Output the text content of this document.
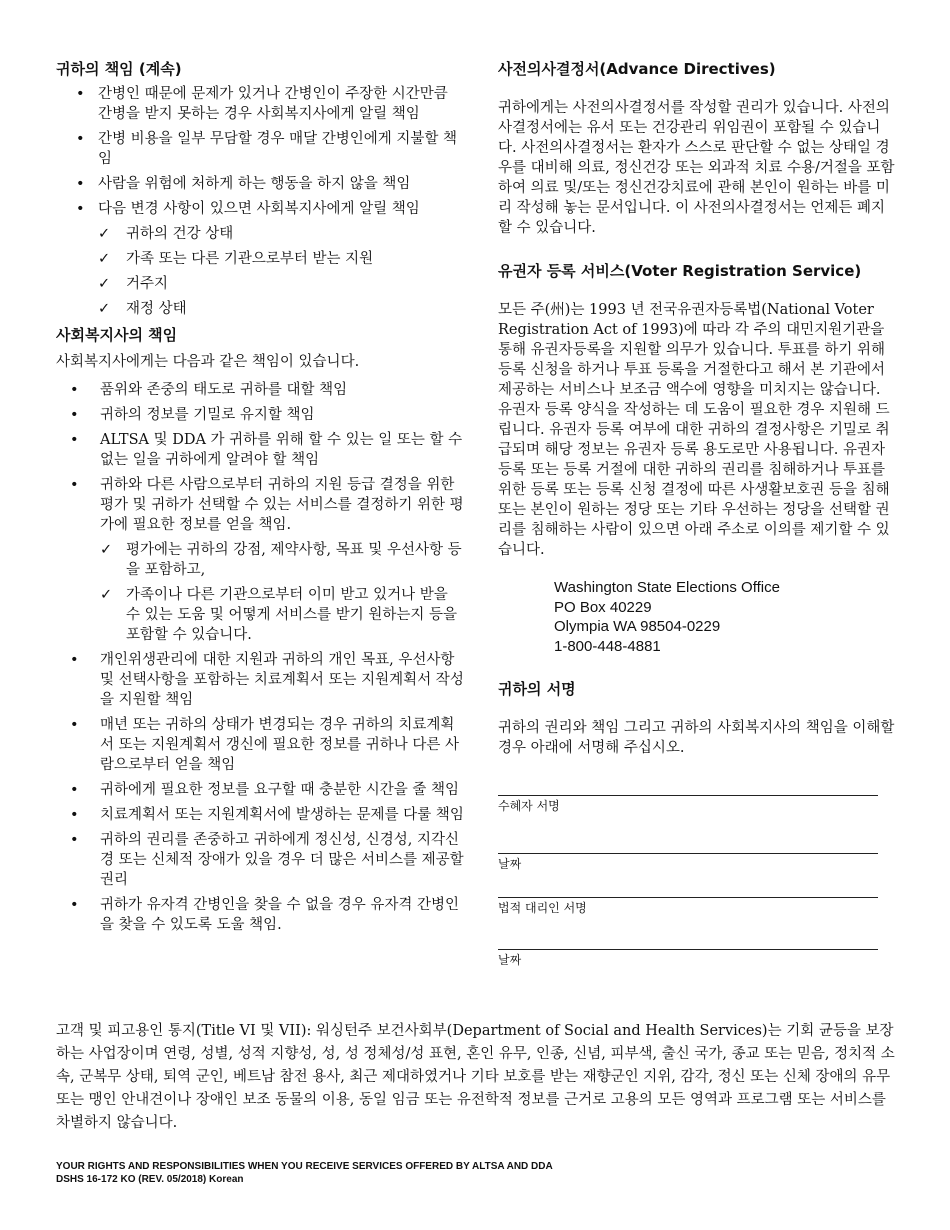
귀하의 책임 (계속)
• 간병인 때문에 문제가 있거나 간병인이 주장한 시간만큼 간병을 받지 못하는 경우 사회복지사에게 알릴 책임
• 간병 비용을 일부 무담할 경우 매달 간병인에게 지불할 책임
• 사람을 위험에 처하게 하는 행동을 하지 않을 책임
• 다음 변경 사항이 있으면 사회복지사에게 알릴 책임
✓ 귀하의 건강 상태
✓ 가족 또는 다른 기관으로부터 받는 지원
✓ 거주지
✓ 재정 상태
사회복지사의 책임

사회복지사에게는 다음과 같은 책임이 있습니다.

• 품위와 존중의 태도로 귀하를 대할 책임
• 귀하의 정보를 기밀로 유지할 책임
• ALTSA 및 DDA 가 귀하를 위해 할 수 있는 일 또는 할 수 없는 일을 귀하에게 알려야 할 책임
• 귀하와 다른 사람으로부터 귀하의 지원 등급 결정을 위한 평가 및 귀하가 선택할 수 있는 서비스를 결정하기 위한 평가에 필요한 정보를 얻을 책임.
✓ 평가에는 귀하의 강점, 제약사항, 목표 및 우선사항 등을 포함하고,
✓ 가족이나 다른 기관으로부터 이미 받고 있거나 받을 수 있는 도움 및 어떻게 서비스를 받기 원하는지 등을 포함할 수 있습니다.
• 개인위생관리에 대한 지원과 귀하의 개인 목표, 우선사항 및 선택사항을 포함하는 치료계획서 또는 지원계획서 작성을 지원할 책임
• 매년 또는 귀하의 상태가 변경되는 경우 귀하의 치료계획서 또는 지원계획서 갱신에 필요한 정보를 귀하나 다른 사람으로부터 얻을 책임
• 귀하에게 필요한 정보를 요구할 때 충분한 시간을 줄 책임
• 치료계획서 또는 지원계획서에 발생하는 문제를 다룰 책임
• 귀하의 권리를 존중하고 귀하에게 정신성, 신경성, 지각신경 또는 신체적 장애가 있을 경우 더 많은 서비스를 제공할 권리
• 귀하가 유자격 간병인을 찾을 수 없을 경우 유자격 간병인을 찾을 수 있도록 도울 책임.
사전의사결정서(Advance Directives)

귀하에게는 사전의사결정서를 작성할 권리가 있습니다. 사전의사결정서에는 유서 또는 건강관리 위임권이 포함될 수 있습니다. 사전의사결정서는 환자가 스스로 판단할 수 없는 상태일 경우를 대비해 의료, 정신건강 또는 외과적 치료 수용/거절을 포함하여 의료 및/또는 정신건강치료에 관해 본인이 원하는 바를 미리 작성해 놓는 문서입니다. 이 사전의사결정서는 언제든 폐지할 수 있습니다.

유권자 등록 서비스(Voter Registration Service)

모든 주(州)는 1993 년 전국유권자등록법(National Voter Registration Act of 1993)에 따라 각 주의 대민지원기관을 통해 유권자등록을 지원할 의무가 있습니다. 투표를 하기 위해 등록 신청을 하거나 투표 등록을 거절한다고 해서 본 기관에서 제공하는 서비스나 보조금 액수에 영향을 미치지는 않습니다. 유권자 등록 양식을 작성하는 데 도움이 필요한 경우 지원해 드립니다. 유권자 등록 여부에 대한 귀하의 결정사항은 기밀로 취급되며 해당 정보는 유권자 등록 용도로만 사용됩니다. 유권자 등록 또는 등록 거절에 대한 귀하의 권리를 침해하거나 투표를 위한 등록 또는 등록 신청 결정에 따른 사생활보호권 등을 침해 또는 본인이 원하는 정당 또는 기타 우선하는 정당을 선택할 권리를 침해하는 사람이 있으면 아래 주소로 이의를 제기할 수 있습니다.

Washington State Elections Office
PO Box 40229
Olympia WA 98504-0229
1-800-448-4881
귀하의 서명

귀하의 권리와 책임 그리고 귀하의 사회복지사의 책임을 이해할 경우 아래에 서명해 주십시오.

수혜자 서명
날짜
법적 대리인 서명
날짜

고객 및 피고용인 통지(Title VI 및 VII): 워싱턴주 보건사회부(Department of Social and Health Services)는 기회 균등을 보장하는 사업장이며 연령, 성별, 성적 지향성, 성, 성 정체성/성 표현, 혼인 유무, 인종, 신념, 피부색, 출신 국가, 종교 또는 믿음, 정치적 소속, 군복무 상태, 퇴역 군인, 베트남 참전 용사, 최근 제대하였거나 기타 보호를 받는 재향군인 지위, 감각, 정신 또는 신체 장애의 유무 또는 맹인 안내견이나 장애인 보조 동물의 이용, 동일 임금 또는 유전학적 정보를 근거로 고용의 모든 영역과 프로그램 또는 서비스를 차별하지 않습니다.

YOUR RIGHTS AND RESPONSIBILITIES WHEN YOU RECEIVE SERVICES OFFERED BY ALTSA AND DDA
DSHS 16-172 KO (REV. 05/2018) Korean
